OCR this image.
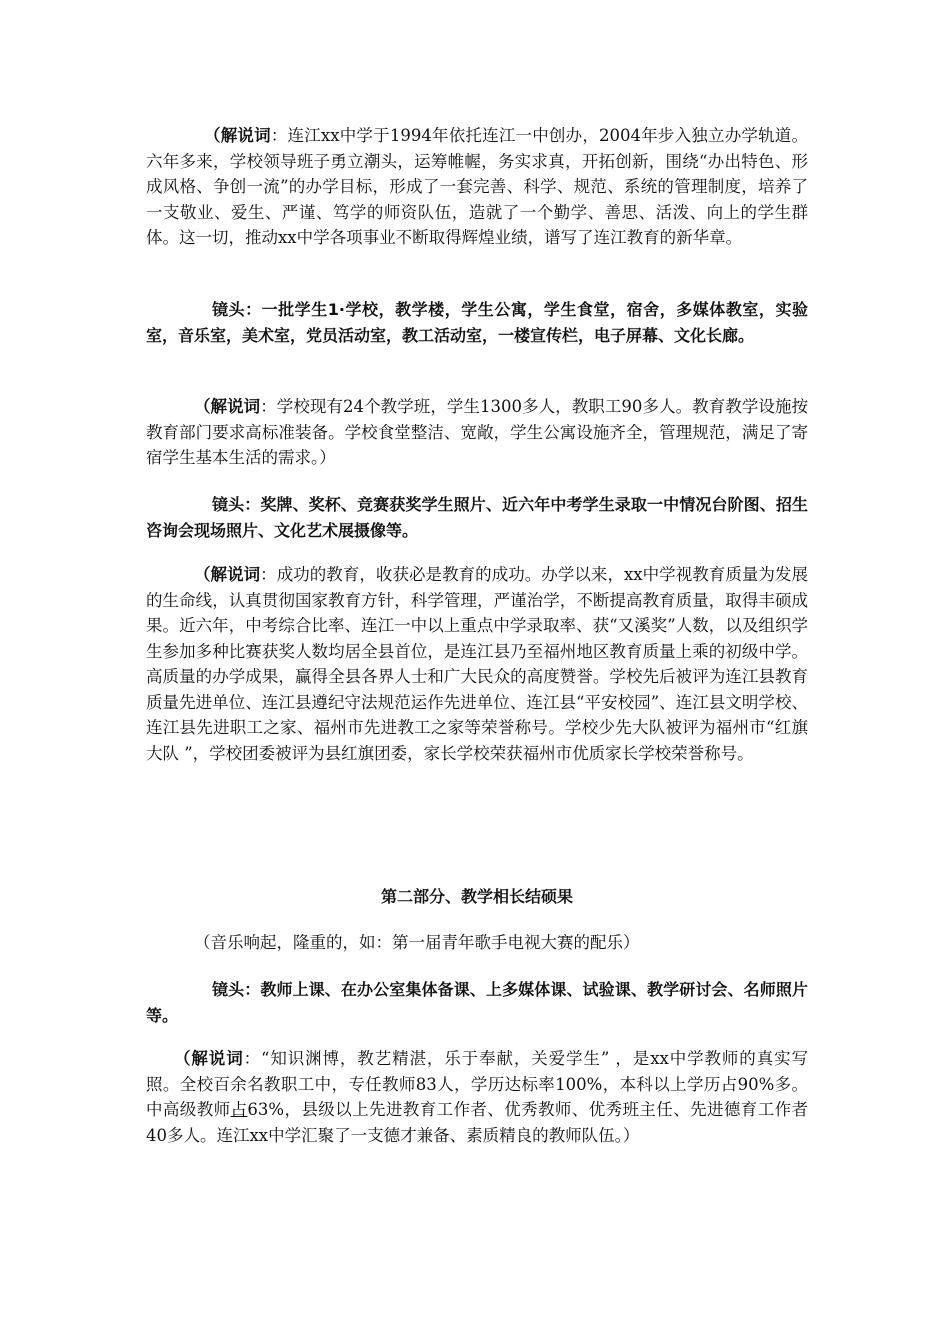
（解说词：连江xx中学于1994年依托连江一中创办，2004年步入独立办学轨道。六年多来，学校领导班子勇立潮头，运筹帷幄，务实求真，开拓创新，围绕“办出特色、形成风格、争创一流”的办学目标，形成了一套完善、科学、规范、系统的管理制度，培养了一支敬业、爱生、严谨、笃学的师资队伍，造就了一个勤学、善思、活泼、向上的学生群体。这一切，推动xx中学各项事业不断取得辉煌业绩，谱写了连江教育的新华章。

镜头：一批学生1·学校，教学楼，学生公寓，学生食堂，宿舍，多媒体教室，实验室，音乐室，美术室，党员活动室，教工活动室，一楼宣传栏，电子屏幕、文化长廊。

（解说词：学校现有24个教学班，学生1300多人，教职工90多人。教育教学设施按教育部门要求高标准装备。学校食堂整洁、宽敞，学生公寓设施齐全，管理规范，满足了寄宿学生基本生活的需求。）

镜头：奖牌、奖杯、竞赛获奖学生照片、近六年中考学生录取一中情况台阶图、招生咨询会现场照片、文化艺术展摄像等。

（解说词：成功的教育，收获必是教育的成功。办学以来，xx中学视教育质量为发展的生命线，认真贯彻国家教育方针，科学管理，严谨治学，不断提高教育质量，取得丰硕成果。近六年，中考综合比率、连江一中以上重点中学录取率、获“又溪奖”人数，以及组织学生参加多种比赛获奖人数均居全县首位，是连江县乃至福州地区教育质量上乘的初级中学。高质量的办学成果，赢得全县各界人士和广大民众的高度赞誉。学校先后被评为连江县教育质量先进单位、连江县遵纪守法规范运作先进单位、连江县“平安校园”、连江县文明学校、连江县先进职工之家、福州市先进教工之家等荣誉称号。学校少先大队被评为福州市“红旗大队 ”，学校团委被评为县红旗团委，家长学校荣获福州市优质家长学校荣誉称号。

第二部分、教学相长结硕果

（音乐响起，隆重的，如：第一届青年歌手电视大赛的配乐）

镜头：教师上课、在办公室集体备课、上多媒体课、试验课、教学研讨会、名师照片等。

（解说词：“知识渊博，教艺精湛，乐于奉献，关爱学生” ，是xx中学教师的真实写照。全校百余名教职工中，专任教师83人，学历达标率100%，本科以上学历占90%多。中高级教师占63%，县级以上先进教育工作者、优秀教师、优秀班主任、先进德育工作者40多人。连江xx中学汇聚了一支德才兼备、素质精良的教师队伍。）
